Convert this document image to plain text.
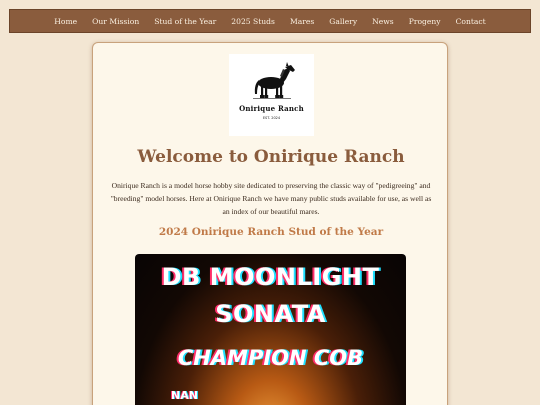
Home Our Mission Stud of the Year 2025 Studs Mares Gallery News Progeny Contact
Onirique Ranch
EST. 2024
Welcome to Onirique Ranch
Onirique Ranch is a model horse hobby site dedicated to preserving the classic way of "pedigreeing" and "breeding" model horses. Here at Onirique Ranch we have many public studs available for use, as well as an index of our beautiful mares.
2024 Onirique Ranch Stud of the Year
DB MOONLIGHT
SONATA
CHAMPION COB
NAN
